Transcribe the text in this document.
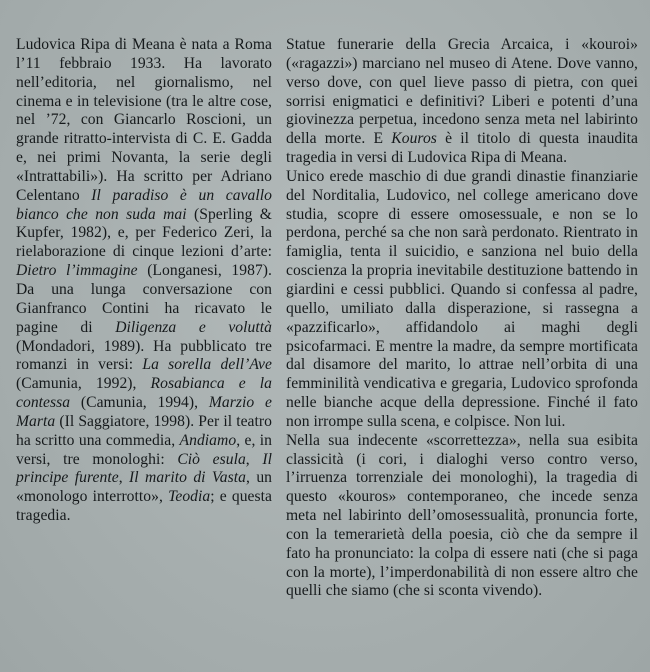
Ludovica Ripa di Meana è nata a Roma l’11 febbraio 1933. Ha lavorato nell’editoria, nel giornalismo, nel cinema e in televisione (tra le altre cose, nel ’72, con Giancarlo Roscioni, un grande ritratto-intervista di C. E. Gadda e, nei primi Novanta, la serie degli «Intrattabili»). Ha scritto per Adriano Celentano Il paradiso è un cavallo bianco che non suda mai (Sperling & Kupfer, 1982), e, per Federico Zeri, la rielaborazione di cinque lezioni d’arte: Dietro l’immagine (Longanesi, 1987). Da una lunga conversazione con Gianfranco Contini ha ricavato le pagine di Diligenza e voluttà (Mondadori, 1989). Ha pubblicato tre romanzi in versi: La sorella dell’Ave (Camunia, 1992), Rosabianca e la contessa (Camunia, 1994), Marzio e Marta (Il Saggiatore, 1998). Per il teatro ha scritto una commedia, Andiamo, e, in versi, tre monologhi: Ciò esula, Il principe furente, Il marito di Vasta, un «monologo interrotto», Teodia; e questa tragedia.

Statue funerarie della Grecia Arcaica, i «kouroi» («ragazzi») marciano nel museo di Atene. Dove vanno, verso dove, con quel lieve passo di pietra, con quei sorrisi enigmatici e definitivi? Liberi e potenti d’una giovinezza perpetua, incedono senza meta nel labirinto della morte. E Kouros è il titolo di questa inaudita tragedia in versi di Ludovica Ripa di Meana.

Unico erede maschio di due grandi dinastie finanziarie del Norditalia, Ludovico, nel college americano dove studia, scopre di essere omosessuale, e non se lo perdona, perché sa che non sarà perdonato. Rientrato in famiglia, tenta il suicidio, e sanziona nel buio della coscienza la propria inevitabile destituzione battendo in giardini e cessi pubblici. Quando si confessa al padre, quello, umiliato dalla disperazione, si rassegna a «pazzificarlo», affidandolo ai maghi degli psicofarmaci. E mentre la madre, da sempre mortificata dal disamore del marito, lo attrae nell’orbita di una femminilità vendicativa e gregaria, Ludovico sprofonda nelle bianche acque della depressione. Finché il fato non irrompe sulla scena, e colpisce. Non lui.

Nella sua indecente «scorrettezza», nella sua esibita classicità (i cori, i dialoghi verso contro verso, l’irruenza torrenziale dei monologhi), la tragedia di questo «kouros» contemporaneo, che incede senza meta nel labirinto dell’omosessualità, pronuncia forte, con la temerarietà della poesia, ciò che da sempre il fato ha pronunciato: la colpa di essere nati (che si paga con la morte), l’imperdonabilità di non essere altro che quelli che siamo (che si sconta vivendo).
